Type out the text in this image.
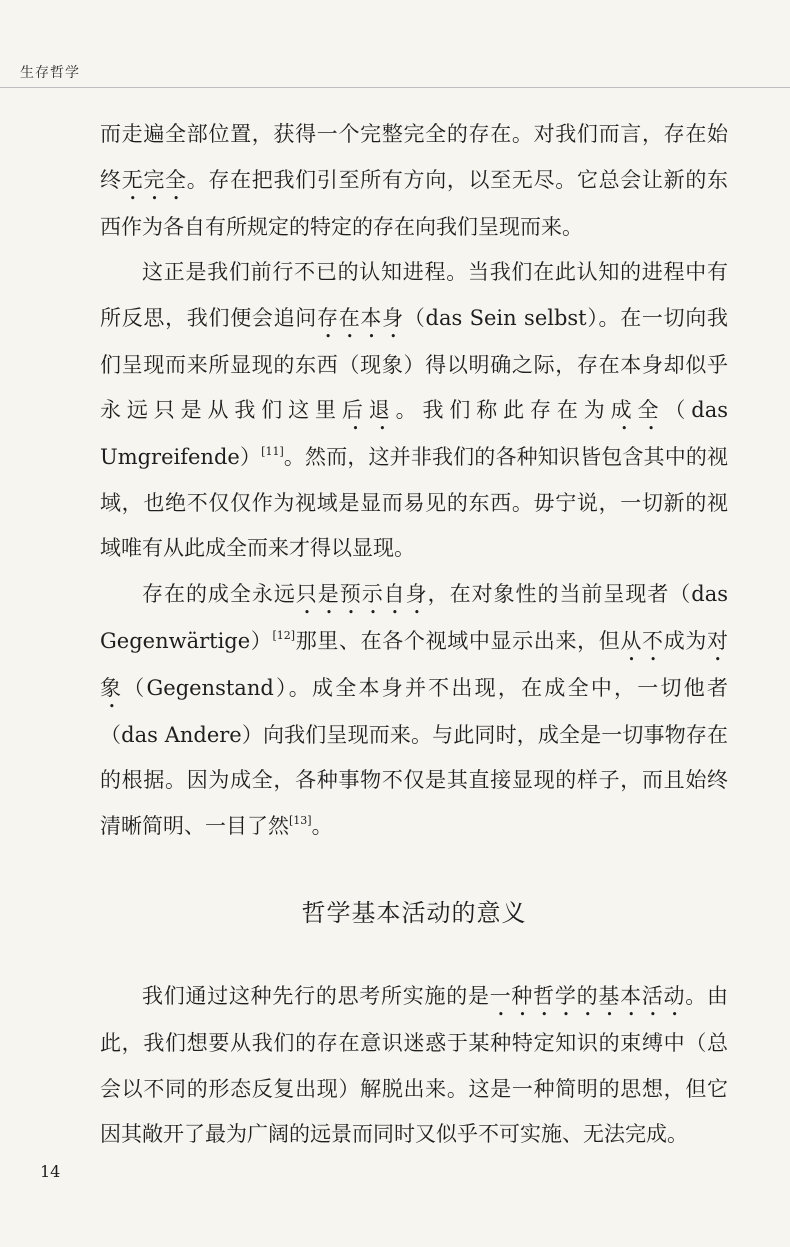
生存哲学

而走遍全部位置，获得一个完整完全的存在。对我们而言，存在始终无完全。存在把我们引至所有方向，以至无尽。它总会让新的东西作为各自有所规定的特定的存在向我们呈现而来。

这正是我们前行不已的认知进程。当我们在此认知的进程中有所反思，我们便会追问存在本身（das Sein selbst）。在一切向我们呈现而来所显现的东西（现象）得以明确之际，存在本身却似乎永远只是从我们这里后退。我们称此存在为成全（das Umgreifende）[11]。然而，这并非我们的各种知识皆包含其中的视域，也绝不仅仅作为视域是显而易见的东西。毋宁说，一切新的视域唯有从此成全而来才得以显现。

存在的成全永远只是预示自身，在对象性的当前呈现者（das Gegenwärtige）[12]那里、在各个视域中显示出来，但从不成为对象（Gegenstand）。成全本身并不出现，在成全中，一切他者（das Andere）向我们呈现而来。与此同时，成全是一切事物存在的根据。因为成全，各种事物不仅是其直接显现的样子，而且始终清晰简明、一目了然[13]。

哲学基本活动的意义

我们通过这种先行的思考所实施的是一种哲学的基本活动。由此，我们想要从我们的存在意识迷惑于某种特定知识的束缚中（总会以不同的形态反复出现）解脱出来。这是一种简明的思想，但它因其敞开了最为广阔的远景而同时又似乎不可实施、无法完成。

14
